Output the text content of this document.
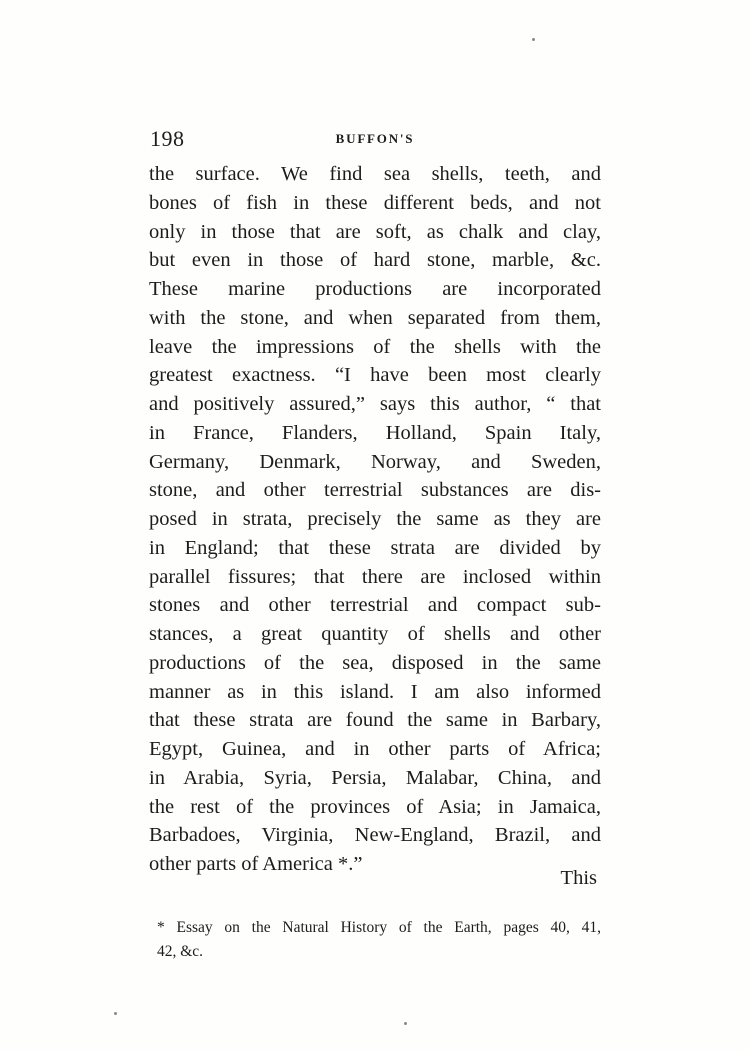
198	BUFFON'S
the surface. We find sea shells, teeth, and
bones of fish in these different beds, and not
only in those that are soft, as chalk and clay,
but even in those of hard stone, marble, &c.
These marine productions are incorporated
with the stone, and when separated from them,
leave the impressions of the shells with the
greatest exactness. “I have been most clearly
and positively assured,” says this author, “ that
in France, Flanders, Holland, Spain Italy,
Germany, Denmark, Norway, and Sweden,
stone, and other terrestrial substances are dis-
posed in strata, precisely the same as they are
in England; that these strata are divided by
parallel fissures; that there are inclosed within
stones and other terrestrial and compact sub-
stances, a great quantity of shells and other
productions of the sea, disposed in the same
manner as in this island. I am also informed
that these strata are found the same in Barbary,
Egypt, Guinea, and in other parts of Africa;
in Arabia, Syria, Persia, Malabar, China, and
the rest of the provinces of Asia; in Jamaica,
Barbadoes, Virginia, New-England, Brazil, and
other parts of America *.”
This
* Essay on the Natural History of the Earth, pages 40, 41,
42, &c.
